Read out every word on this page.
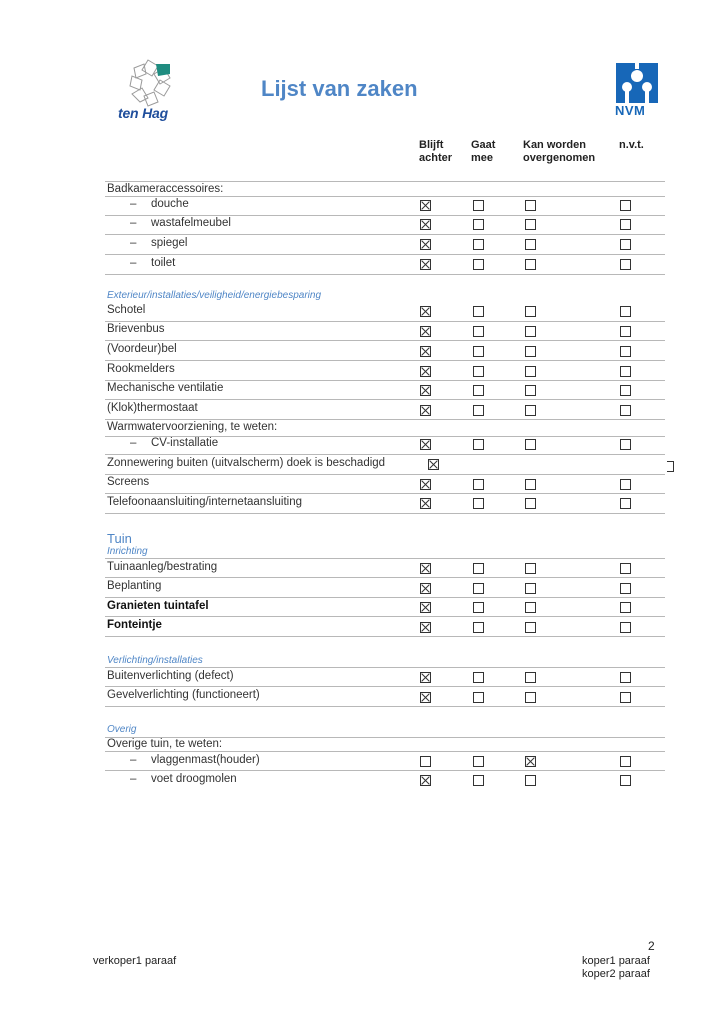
ten Hag
Lijst van zaken
NVM
Blijft
achter
Gaat
mee
Kan worden
overgenomen
n.v.t.
Exterieur/installaties/veiligheid/energiebesparing
Tuin
Inrichting
Verlichting/installaties
Overig
Badkameraccessoires:
– douche
– wastafelmeubel
– spiegel
– toilet
Schotel
Brievenbus
(Voordeur)bel
Rookmelders
Mechanische ventilatie
(Klok)thermostaat
Warmwatervoorziening, te weten:
– CV-installatie
Zonnewering buiten (uitvalscherm) doek is beschadigd
Screens
Telefoonaansluiting/internetaansluiting
Tuinaanleg/bestrating
Beplanting
Granieten tuintafel
Fonteintje
Buitenverlichting (defect)
Gevelverlichting (functioneert)
Overige tuin, te weten:
– vlaggenmast(houder)
– voet droogmolen
2
verkoper1 paraaf	koper1 paraaf
koper2 paraaf
